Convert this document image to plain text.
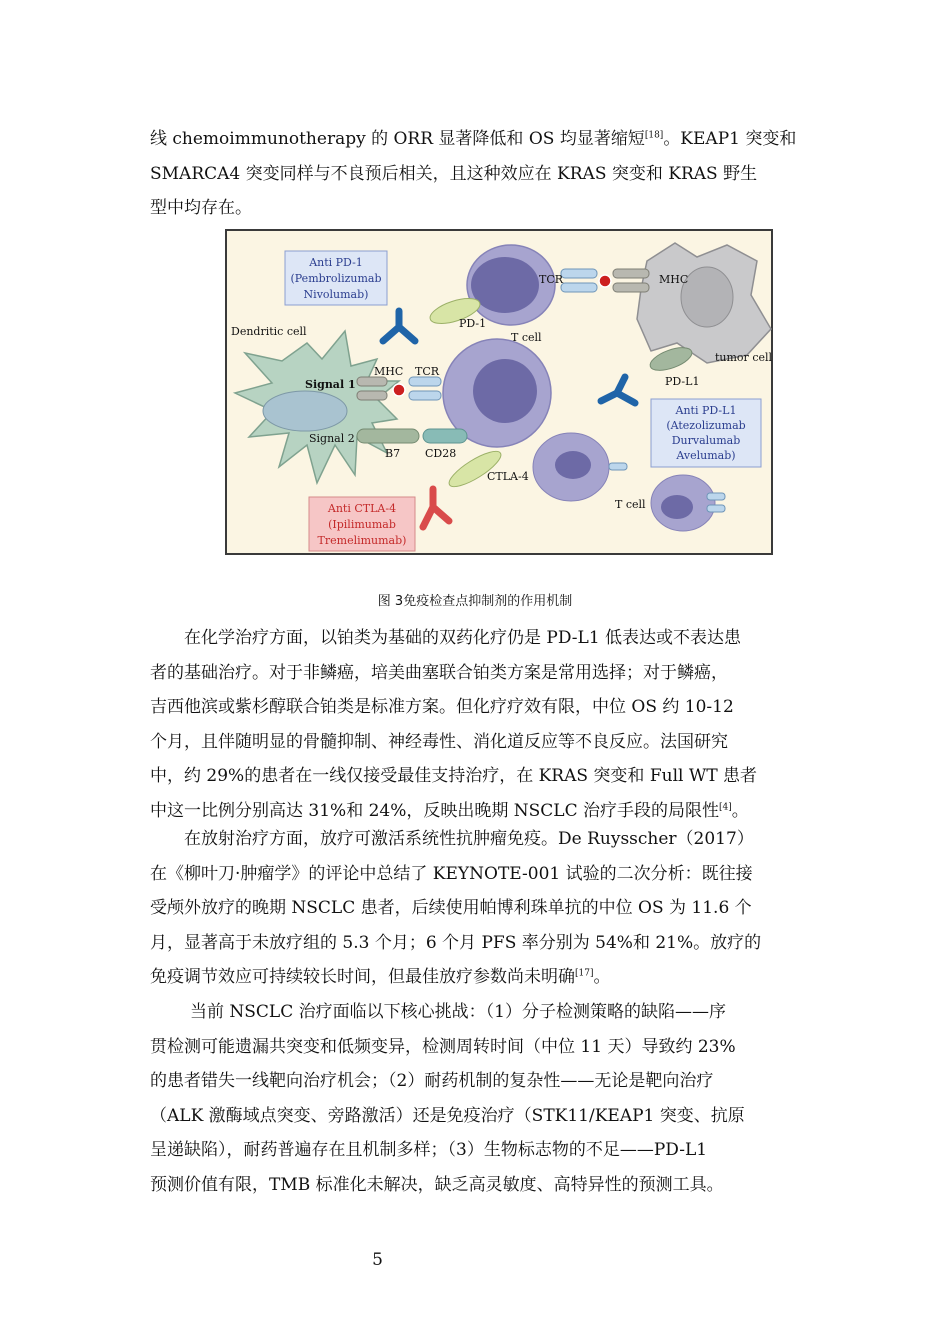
线 chemoimmunotherapy 的 ORR 显著降低和 OS 均显著缩短[18]。KEAP1 突变和
SMARCA4 突变同样与不良预后相关，且这种效应在 KRAS 突变和 KRAS 野生
型中均存在。

Anti PD-1
(Pembrolizumab
Nivolumab)
Anti PD-L1
(Atezolizumab
Durvalumab
Avelumab)
Anti CTLA-4
(Ipilimumab
Tremelimumab)
Dendritic cell
Signal 1
Signal 2
MHC TCR
B7 CD28
CTLA-4
TCR	MHC
PD-1
T cell
tumor cell
PD-L1
T cell
图 3免疫检查点抑制剂的作用机制

在化学治疗方面，以铂类为基础的双药化疗仍是 PD-L1 低表达或不表达患
者的基础治疗。对于非鳞癌，培美曲塞联合铂类方案是常用选择；对于鳞癌，
吉西他滨或紫杉醇联合铂类是标准方案。但化疗疗效有限，中位 OS 约 10-12
个月，且伴随明显的骨髓抑制、神经毒性、消化道反应等不良反应。法国研究
中，约 29%的患者在一线仅接受最佳支持治疗，在 KRAS 突变和 Full WT 患者
中这一比例分别高达 31%和 24%，反映出晚期 NSCLC 治疗手段的局限性[4]。

在放射治疗方面，放疗可激活系统性抗肿瘤免疫。De Ruysscher（2017）
在《柳叶刀·肿瘤学》的评论中总结了 KEYNOTE-001 试验的二次分析：既往接
受颅外放疗的晚期 NSCLC 患者，后续使用帕博利珠单抗的中位 OS 为 11.6 个
月，显著高于未放疗组的 5.3 个月；6 个月 PFS 率分别为 54%和 21%。放疗的
免疫调节效应可持续较长时间，但最佳放疗参数尚未明确[17]。

当前 NSCLC 治疗面临以下核心挑战：（1）分子检测策略的缺陷——序
贯检测可能遗漏共突变和低频变异，检测周转时间（中位 11 天）导致约 23%
的患者错失一线靶向治疗机会；（2）耐药机制的复杂性——无论是靶向治疗
（ALK 激酶域点突变、旁路激活）还是免疫治疗（STK11/KEAP1 突变、抗原
呈递缺陷），耐药普遍存在且机制多样；（3）生物标志物的不足——PD-L1
预测价值有限，TMB 标准化未解决，缺乏高灵敏度、高特异性的预测工具。

5
